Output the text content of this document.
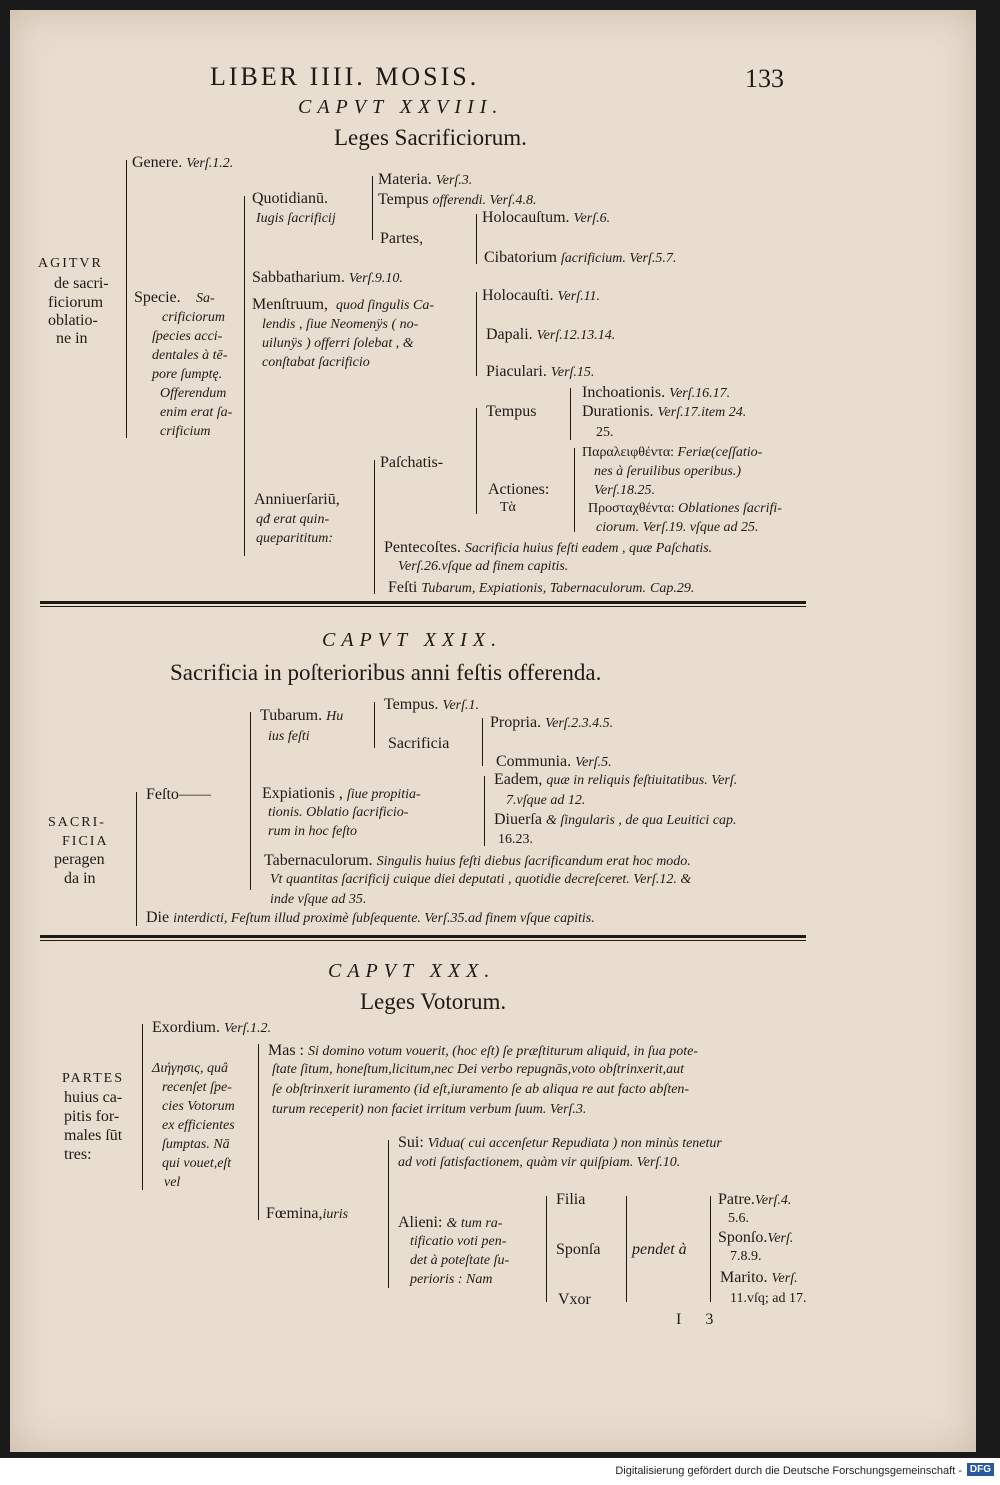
LIBER IIII. MOSIS.	133
CAPVT XXVIII.
Leges Sacrificiorum.
AGITVR
de sacri-
ficiorum
oblatio-
ne in
Genere. Verſ.1.2.
Specie. Sa-
crificiorum
ſpecies acci-
dentales à tē-
pore ſumptę.
Offerendum
enim erat ſa-
crificium
Quotidianū.
Iugis ſacrificij
Materia. Verſ.3.
Tempus offerendi. Verſ.4.8.
Partes,
Holocauſtum. Verſ.6.
Cibatorium ſacrificium. Verſ.5.7.
Sabbatharium. Verſ.9.10.
Menſtruum, quod ſingulis Ca-
lendis , ſiue Neomenÿs ( no-
uilunÿs ) offerri ſolebat , &
conſtabat ſacrificio
Holocauſti. Verſ.11.
Dapali. Verſ.12.13.14.
Piaculari. Verſ.15.
Anniuerſariū,
qđ erat quin-
queparititum:
Paſchatis-
Tempus
Inchoationis. Verſ.16.17.
Durationis. Verſ.17.item 24.
25.
Actiones:
Tὰ
Παραλειφθέντα: Feriæ(ceſſatio-
nes à ſeruilibus operibus.)
Verſ.18.25.
Προσταχθέντα: Oblationes ſacrifi-
ciorum. Verſ.19. vſque ad 25.
Pentecoſtes. Sacrificia huius feſti eadem , quæ Paſchatis.
Verſ.26.vſque ad finem capitis.
Feſti Tubarum, Expiationis, Tabernaculorum. Cap.29.
CAPVT XXIX.
Sacrificia in poſterioribus anni feſtis offerenda.
SACRI-
FICIA
peragen
da in
Feſto——
Tubarum. Hu
ius feſti
Tempus. Verſ.1.
Sacrificia
Propria. Verſ.2.3.4.5.
Communia. Verſ.5.
Expiationis , ſiue propitia-
tionis. Oblatio ſacrificio-
rum in hoc feſto
Eadem, quæ in reliquis feſtiuitatibus. Verſ.
7.vſque ad 12.
Diuerſa & ſingularis , de qua Leuitici cap.
16.23.
Tabernaculorum. Singulis huius feſti diebus ſacrificandum erat hoc modo.
Vt quantitas ſacrificij cuique diei deputati , quotidie decreſceret. Verſ.12. &
inde vſque ad 35.
Die interdicti, Feſtum illud proximè ſubſequente. Verſ.35.ad finem vſque capitis.
CAPVT XXX.
Leges Votorum.
PARTES
huius ca-
pitis for-
males ſūt
tres:
Exordium. Verſ.1.2.
Διήγησις, quâ
recenſet ſpe-
cies Votorum
ex efficientes
ſumptas. Nā
qui vouet,eſt
vel
Mas : Si domino votum vouerit, (hoc eſt) ſe præſtiturum aliquid, in ſua pote-
ſtate ſitum, honeſtum,licitum,nec Dei verbo repugnās,voto obſtrinxerit,aut
ſe obſtrinxerit iuramento (id eſt,iuramento ſe ab aliqua re aut facto abſten-
turum receperit) non faciet irritum verbum ſuum. Verſ.3.
Fœmina,iuris
Sui: Vidua( cui accenſetur Repudiata ) non minùs tenetur
ad voti ſatisfactionem, quàm vir quiſpiam. Verſ.10.
Alieni: & tum ra-
tificatio voti pen-
det à poteſtate ſu-
perioris : Nam
Filia
Sponſa
Vxor
pendet à
Patre.Verſ.4.
5.6.
Sponſo.Verſ.
7.8.9.
Marito. Verſ.
11.vſq; ad 17.
I 3
Digitalisierung gefördert durch die Deutsche Forschungsgemeinschaft - DFG
